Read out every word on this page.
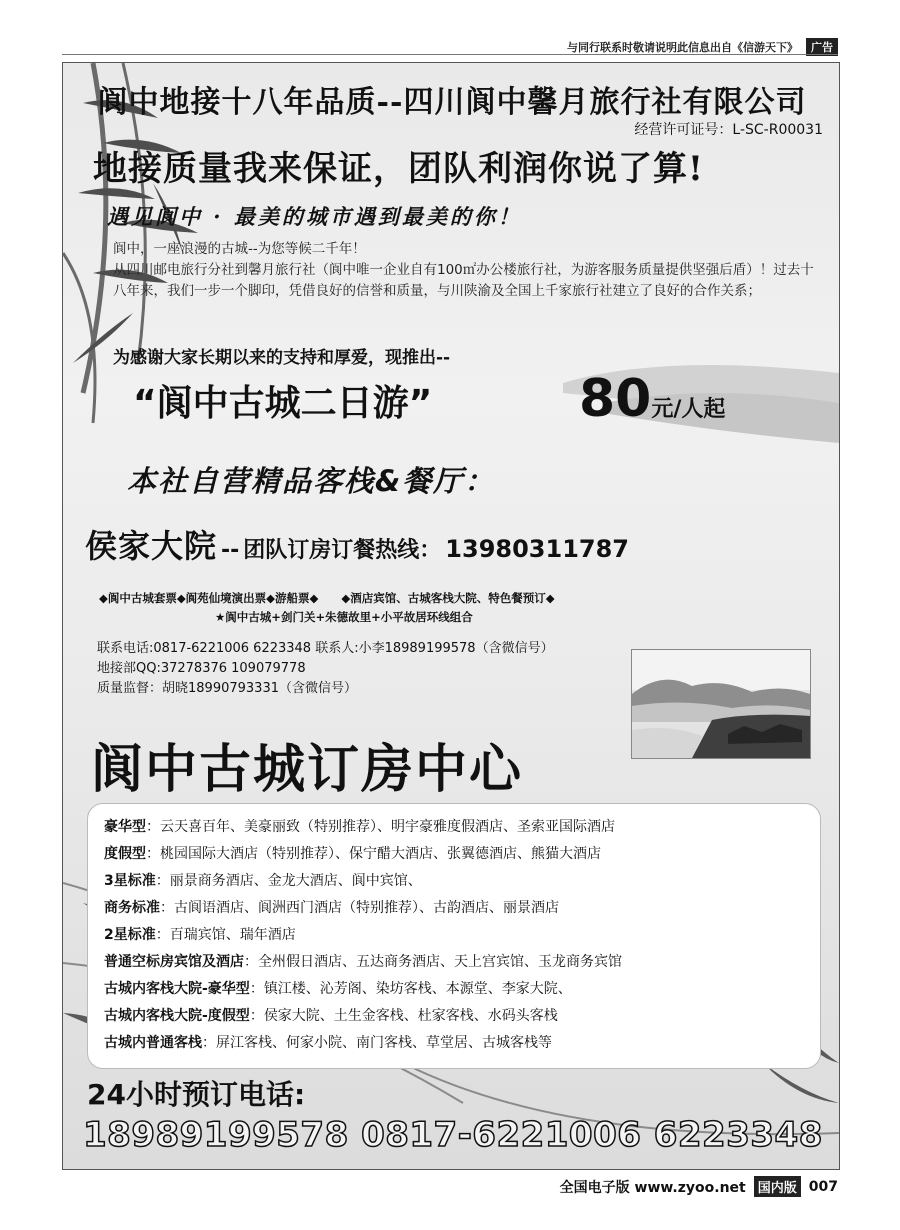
与同行联系时敬请说明此信息出自《信游天下》	广告
阆中地接十八年品质--四川阆中馨月旅行社有限公司
经营许可证号：L-SC-R00031
地接质量我来保证，团队利润你说了算!
遇见阆中 · 最美的城市遇到最美的你！

阆中，一座浪漫的古城--为您等候二千年！

从四川邮电旅行分社到馨月旅行社（阆中唯一企业自有100㎡办公楼旅行社，为游客服务质量提供坚强后盾）！过去十八年来，我们一步一个脚印，凭借良好的信誉和质量，与川陕渝及全国上千家旅行社建立了良好的合作关系；

为感谢大家长期以来的支持和厚爱，现推出--
“阆中古城二日游”	80元/人起
本社自营精品客栈&餐厅：
侯家大院 -- 团队订房订餐热线： 13980311787
◆阆中古城套票◆阆苑仙境演出票◆游船票◆　　◆酒店宾馆、古城客栈大院、特色餐预订◆
★阆中古城+剑门关+朱德故里+小平故居环线组合
联系电话:0817-6221006 6223348 联系人:小李18989199578（含微信号）
地接部QQ:37278376 109079778
质量监督：胡晓18990793331（含微信号）
阆中古城订房中心
豪华型：云天喜百年、美豪丽致（特别推荐）、明宇豪雅度假酒店、圣索亚国际酒店
度假型：桃园国际大酒店（特别推荐）、保宁醋大酒店、张翼德酒店、熊猫大酒店
3星标准：丽景商务酒店、金龙大酒店、阆中宾馆、
商务标准：古阆语酒店、阆洲西门酒店（特别推荐）、古韵酒店、丽景酒店
2星标准：百瑞宾馆、瑞年酒店
普通空标房宾馆及酒店：全州假日酒店、五达商务酒店、天上宫宾馆、玉龙商务宾馆
古城内客栈大院-豪华型：镇江楼、沁芳阁、染坊客栈、本源堂、李家大院、
古城内客栈大院-度假型：侯家大院、土生金客栈、杜家客栈、水码头客栈
古城内普通客栈：屏江客栈、何家小院、南门客栈、草堂居、古城客栈等
24小时预订电话:
18989199578 0817-6221006 6223348
全国电子版 www.zyoo.net 国内版 007
